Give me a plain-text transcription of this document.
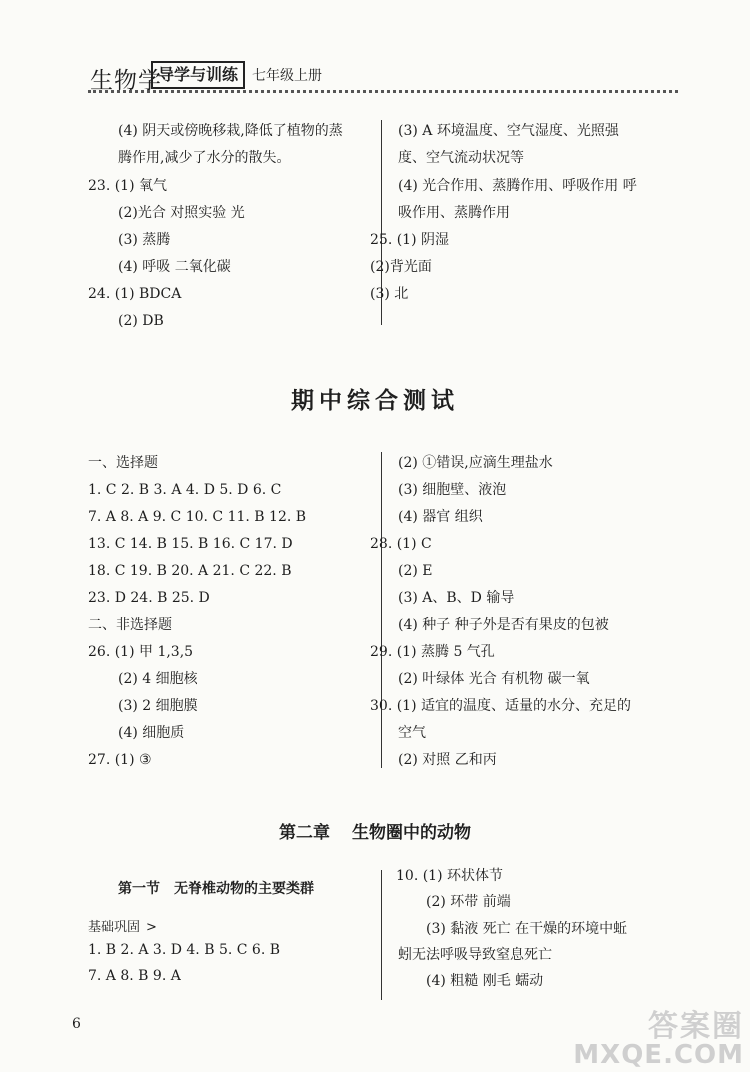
生物学
导学与训练 七年级上册
(4) 阴天或傍晚移栽,降低了植物的蒸
腾作用,减少了水分的散失。
23. (1) 氧气
(2)光合 对照实验 光
(3) 蒸腾
(4) 呼吸 二氧化碳
24. (1) BDCA
(2) DB
(3) A 环境温度、空气湿度、光照强
度、空气流动状况等
(4) 光合作用、蒸腾作用、呼吸作用 呼
吸作用、蒸腾作用
25. (1) 阴湿
(2)背光面
(3) 北
期中综合测试
一、选择题
1. C 2. B 3. A 4. D 5. D 6. C
7. A 8. A 9. C 10. C 11. B 12. B
13. C 14. B 15. B 16. C 17. D
18. C 19. B 20. A 21. C 22. B
23. D 24. B 25. D
二、非选择题
26. (1) 甲 1,3,5
(2) 4 细胞核
(3) 2 细胞膜
(4) 细胞质
27. (1) ③
(2) ①错误,应滴生理盐水
(3) 细胞壁、液泡
(4) 器官 组织
28. (1) C
(2) E
(3) A、B、D 输导
(4) 种子 种子外是否有果皮的包被
29. (1) 蒸腾 5 气孔
(2) 叶绿体 光合 有机物 碳一氧
30. (1) 适宜的温度、适量的水分、充足的
空气
(2) 对照 乙和丙
第二章 生物圈中的动物
第一节 无脊椎动物的主要类群
基础巩固 >
1. B 2. A 3. D 4. B 5. C 6. B
7. A 8. B 9. A
10. (1) 环状体节
(2) 环带 前端
(3) 黏液 死亡 在干燥的环境中蚯
蚓无法呼吸导致窒息死亡
(4) 粗糙 刚毛 蠕动
6	答案圈
MXQE.COM
